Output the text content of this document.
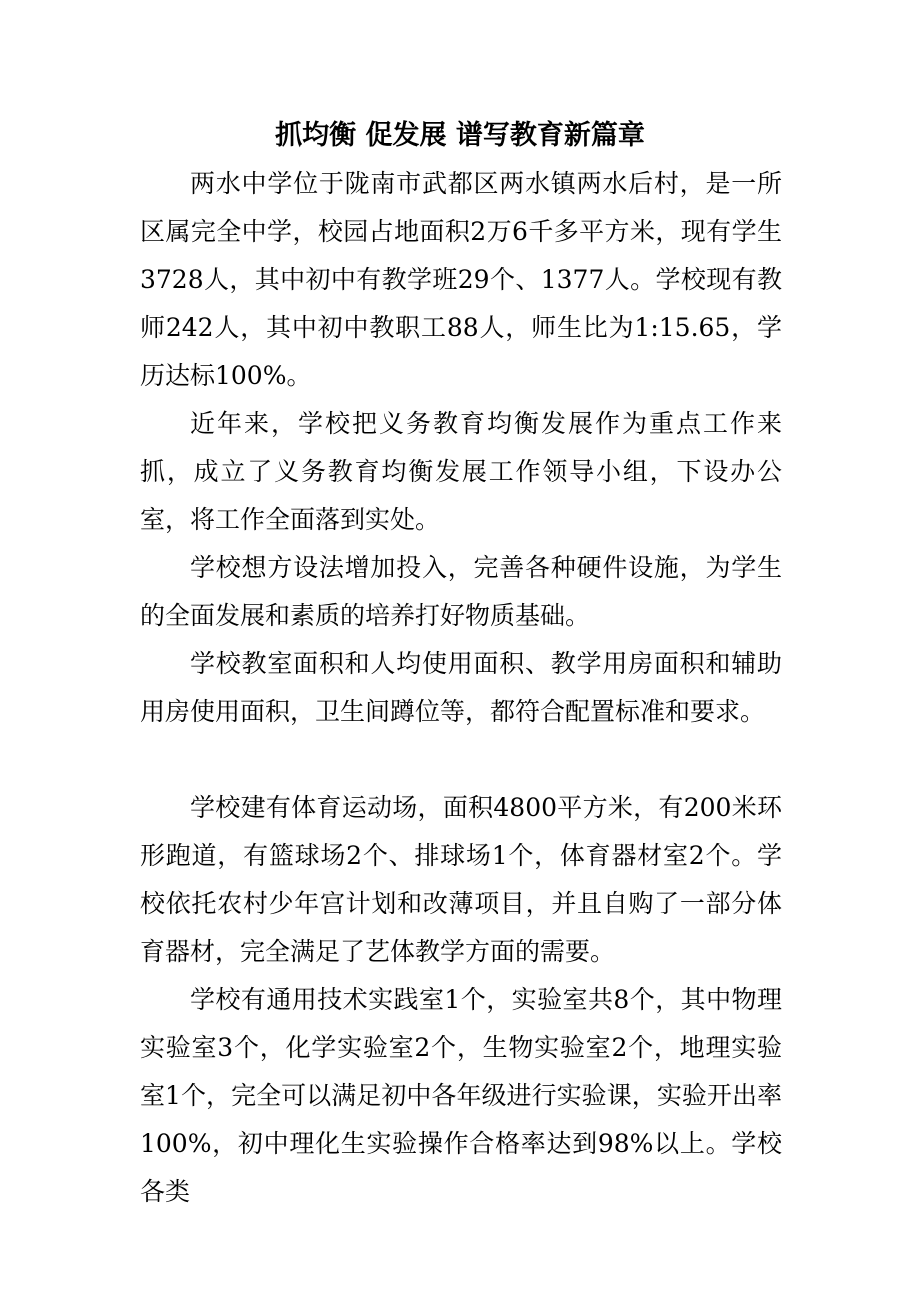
抓均衡 促发展 谱写教育新篇章

两水中学位于陇南市武都区两水镇两水后村，是一所区属完全中学，校园占地面积2万6千多平方米，现有学生3728人，其中初中有教学班29个、1377人。学校现有教师242人，其中初中教职工88人，师生比为1:15.65，学历达标100%。

近年来，学校把义务教育均衡发展作为重点工作来抓，成立了义务教育均衡发展工作领导小组，下设办公室，将工作全面落到实处。

学校想方设法增加投入，完善各种硬件设施，为学生的全面发展和素质的培养打好物质基础。

学校教室面积和人均使用面积、教学用房面积和辅助用房使用面积，卫生间蹲位等，都符合配置标准和要求。

学校建有体育运动场，面积4800平方米，有200米环形跑道，有篮球场2个、排球场1个，体育器材室2个。学校依托农村少年宫计划和改薄项目，并且自购了一部分体育器材，完全满足了艺体教学方面的需要。

学校有通用技术实践室1个，实验室共8个，其中物理实验室3个，化学实验室2个，生物实验室2个，地理实验室1个，完全可以满足初中各年级进行实验课，实验开出率100%，初中理化生实验操作合格率达到98%以上。学校各类
